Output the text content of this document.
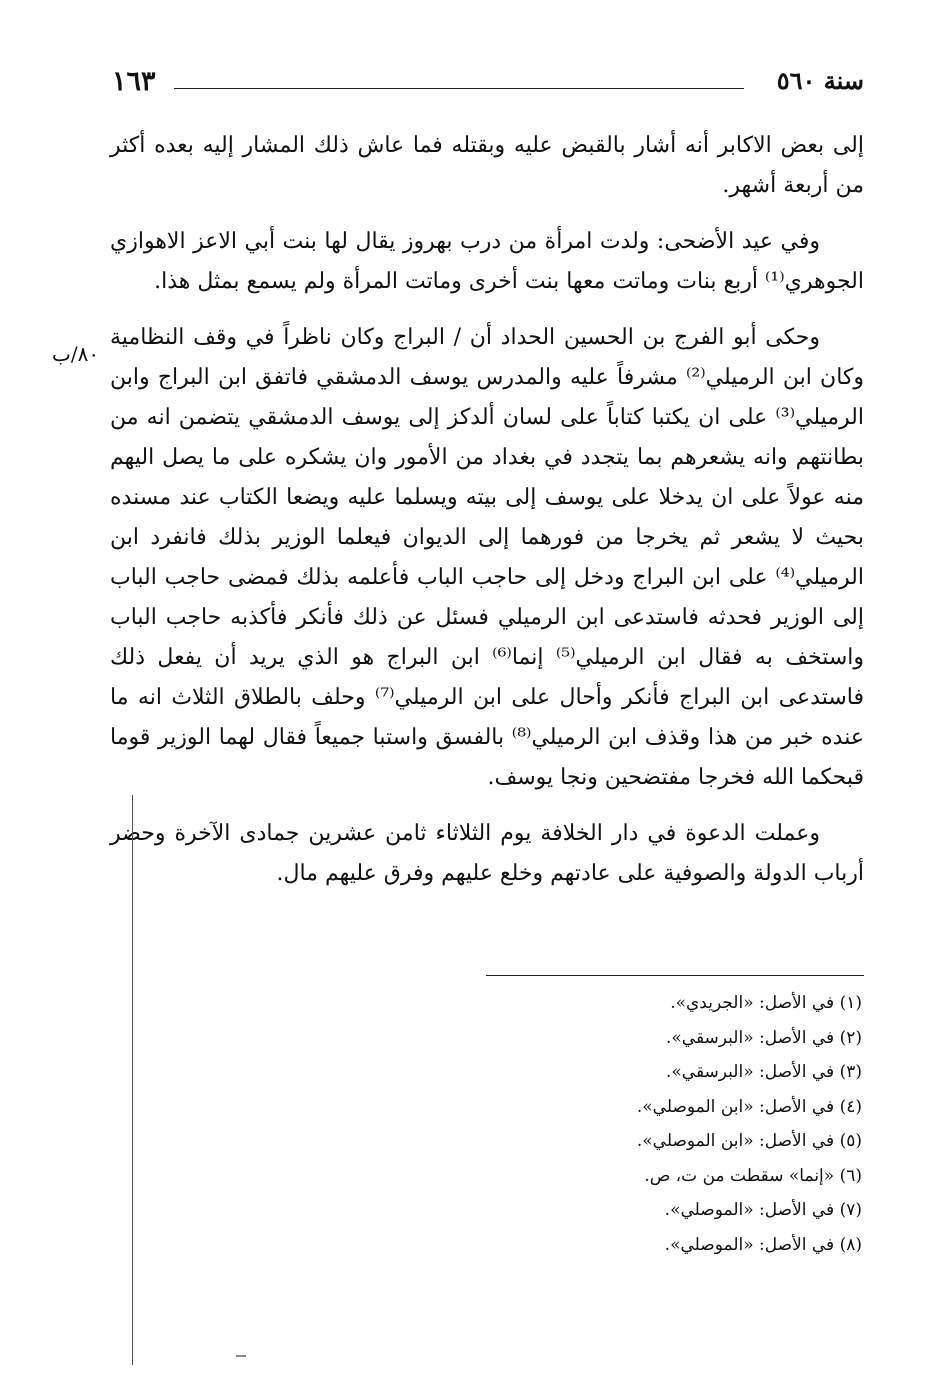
١٦٣	سنة ٥٦٠
٨٠/ب

إلى بعض الاكابر أنه أشار بالقبض عليه وبقتله فما عاش ذلك المشار إليه بعده أكثر من أربعة أشهر.

وفي عيد الأضحى: ولدت امرأة من درب بهروز يقال لها بنت أبي الاعز الاهوازي الجوهري⁽¹⁾ أربع بنات وماتت معها بنت أخرى وماتت المرأة ولم يسمع بمثل هذا.

وحكى أبو الفرج بن الحسين الحداد أن / البراج وكان ناظراً في وقف النظامية وكان ابن الرميلي⁽²⁾ مشرفاً عليه والمدرس يوسف الدمشقي فاتفق ابن البراج وابن الرميلي⁽³⁾ على ان يكتبا كتاباً على لسان ألدكز إلى يوسف الدمشقي يتضمن انه من بطانتهم وانه يشعرهم بما يتجدد في بغداد من الأمور وان يشكره على ما يصل اليهم منه عولاً على ان يدخلا على يوسف إلى بيته ويسلما عليه ويضعا الكتاب عند مسنده بحيث لا يشعر ثم يخرجا من فورهما إلى الديوان فيعلما الوزير بذلك فانفرد ابن الرميلي⁽⁴⁾ على ابن البراج ودخل إلى حاجب الباب فأعلمه بذلك فمضى حاجب الباب إلى الوزير فحدثه فاستدعى ابن الرميلي فسئل عن ذلك فأنكر فأكذبه حاجب الباب واستخف به فقال ابن الرميلي⁽⁵⁾ إنما⁽⁶⁾ ابن البراج هو الذي يريد أن يفعل ذلك فاستدعى ابن البراج فأنكر وأحال على ابن الرميلي⁽⁷⁾ وحلف بالطلاق الثلاث انه ما عنده خبر من هذا وقذف ابن الرميلي⁽⁸⁾ بالفسق واستبا جميعاً فقال لهما الوزير قوما قبحكما الله فخرجا مفتضحين ونجا يوسف.

وعملت الدعوة في دار الخلافة يوم الثلاثاء ثامن عشرين جمادى الآخرة وحضر أرباب الدولة والصوفية على عادتهم وخلع عليهم وفرق عليهم مال.

(١) في الأصل: «الجريدي».
(٢) في الأصل: «البرسقي».
(٣) في الأصل: «البرسقي».
(٤) في الأصل: «ابن الموصلي».
(٥) في الأصل: «ابن الموصلي».
(٦) «إنما» سقطت من ت، ص.
(٧) في الأصل: «الموصلي».
(٨) في الأصل: «الموصلي».
